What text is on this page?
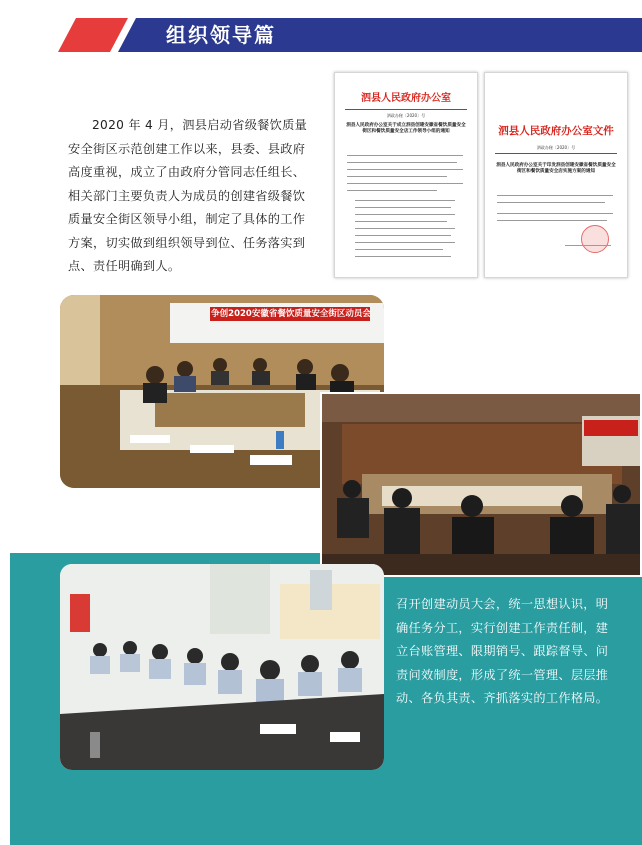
组织领导篇
2020 年 4 月，泗县启动省级餐饮质量安全街区示范创建工作以来，县委、县政府高度重视，成立了由政府分管同志任组长、相关部门主要负责人为成员的创建省级餐饮质量安全街区领导小组，制定了具体的工作方案，切实做到组织领导到位、任务落实到点、责任明确到人。
泗县人民政府办公室
泗政办秘〔2020〕号
泗县人民政府办公室关于成立泗县创建安徽省餐饮质量安全街区和餐饮质量安全店工作领导小组的通知	泗县人民政府办公室文件
泗政办秘〔2020〕号
泗县人民政府办公室关于印发泗县创建安徽省餐饮质量安全街区和餐饮质量安全店实施方案的通知
争创2020安徽省餐饮质量安全街区动员会
召开创建动员大会，统一思想认识，明确任务分工，实行创建工作责任制，建立台账管理、限期销号、跟踪督导、问责问效制度，形成了统一管理、层层推动、各负其责、齐抓落实的工作格局。
